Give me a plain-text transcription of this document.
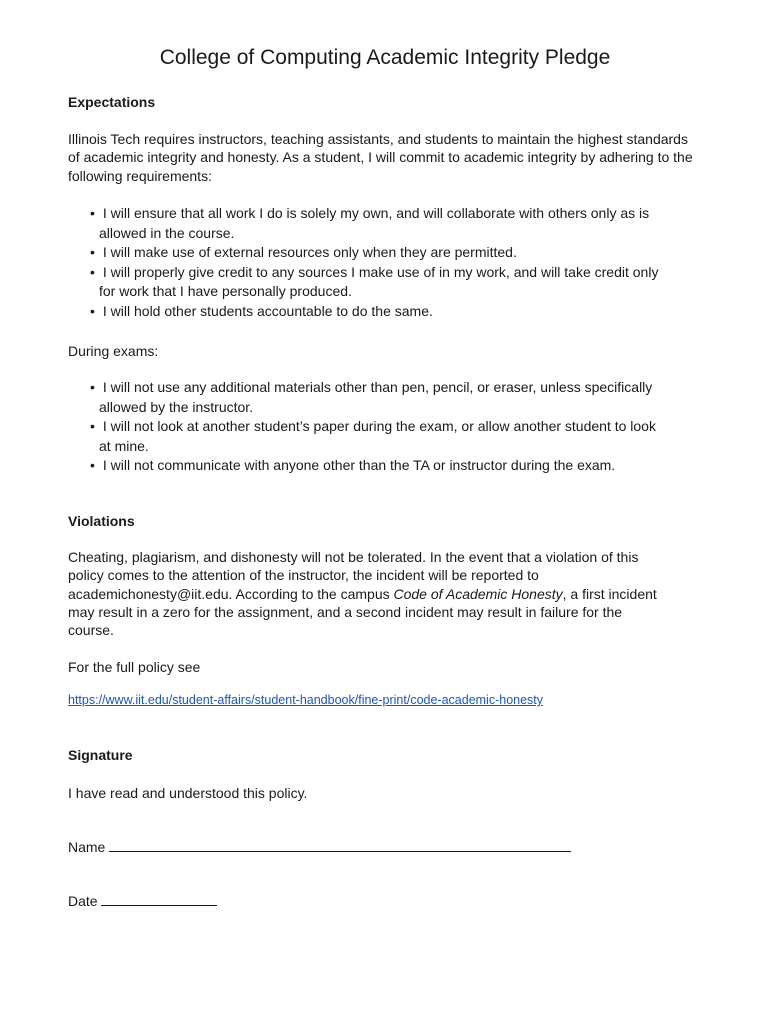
College of Computing Academic Integrity Pledge
Expectations

Illinois Tech requires instructors, teaching assistants, and students to maintain the highest standards of academic integrity and honesty. As a student, I will commit to academic integrity by adhering to the following requirements:

• I will ensure that all work I do is solely my own, and will collaborate with others only as is allowed in the course.
• I will make use of external resources only when they are permitted.
• I will properly give credit to any sources I make use of in my work, and will take credit only for work that I have personally produced.
• I will hold other students accountable to do the same.
During exams:
• I will not use any additional materials other than pen, pencil, or eraser, unless specifically allowed by the instructor.
• I will not look at another student’s paper during the exam, or allow another student to look at mine.
• I will not communicate with anyone other than the TA or instructor during the exam.
Violations

Cheating, plagiarism, and dishonesty will not be tolerated. In the event that a violation of this policy comes to the attention of the instructor, the incident will be reported to academichonesty@iit.edu. According to the campus Code of Academic Honesty, a first incident may result in a zero for the assignment, and a second incident may result in failure for the course.

For the full policy see
https://www.iit.edu/student-affairs/student-handbook/fine-print/code-academic-honesty
Signature
I have read and understood this policy.
Name
Date
